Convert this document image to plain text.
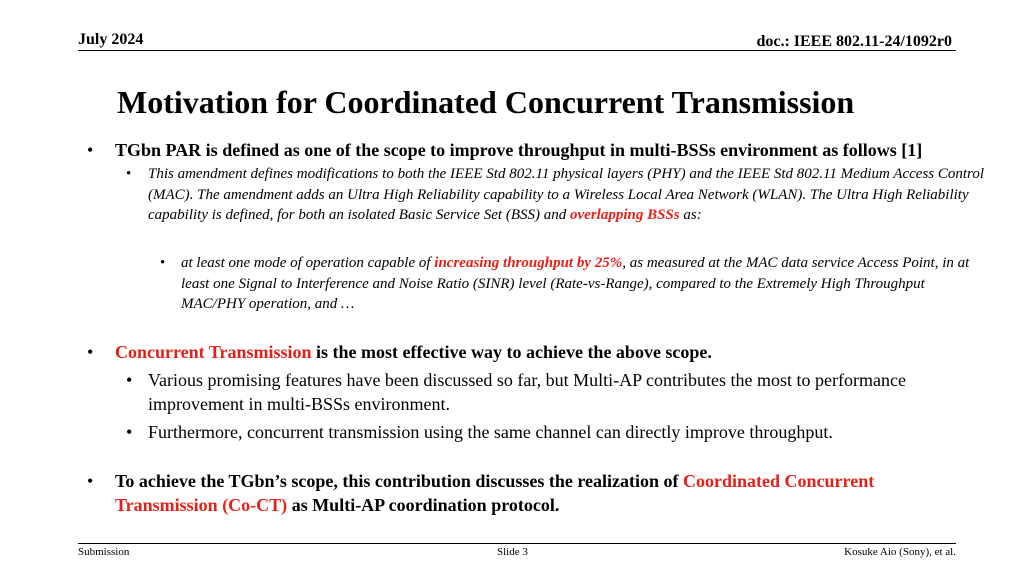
July 2024	doc.: IEEE 802.11-24/1092r0
Motivation for Coordinated Concurrent Transmission
• TGbn PAR is defined as one of the scope to improve throughput in multi-BSSs environment as follows [1]
• This amendment defines modifications to both the IEEE Std 802.11 physical layers (PHY) and the IEEE Std 802.11 Medium Access Control (MAC). The amendment adds an Ultra High Reliability capability to a Wireless Local Area Network (WLAN). The Ultra High Reliability capability is defined, for both an isolated Basic Service Set (BSS) and overlapping BSSs as:
• at least one mode of operation capable of increasing throughput by 25%, as measured at the MAC data service Access Point, in at least one Signal to Interference and Noise Ratio (SINR) level (Rate-vs-Range), compared to the Extremely High Throughput MAC/PHY operation, and …
• Concurrent Transmission is the most effective way to achieve the above scope.
• Various promising features have been discussed so far, but Multi-AP contributes the most to performance improvement in multi-BSSs environment.
• Furthermore, concurrent transmission using the same channel can directly improve throughput.
• To achieve the TGbn’s scope, this contribution discusses the realization of Coordinated Concurrent Transmission (Co-CT) as Multi-AP coordination protocol.
Submission	Slide 3	Kosuke Aio (Sony), et al.
